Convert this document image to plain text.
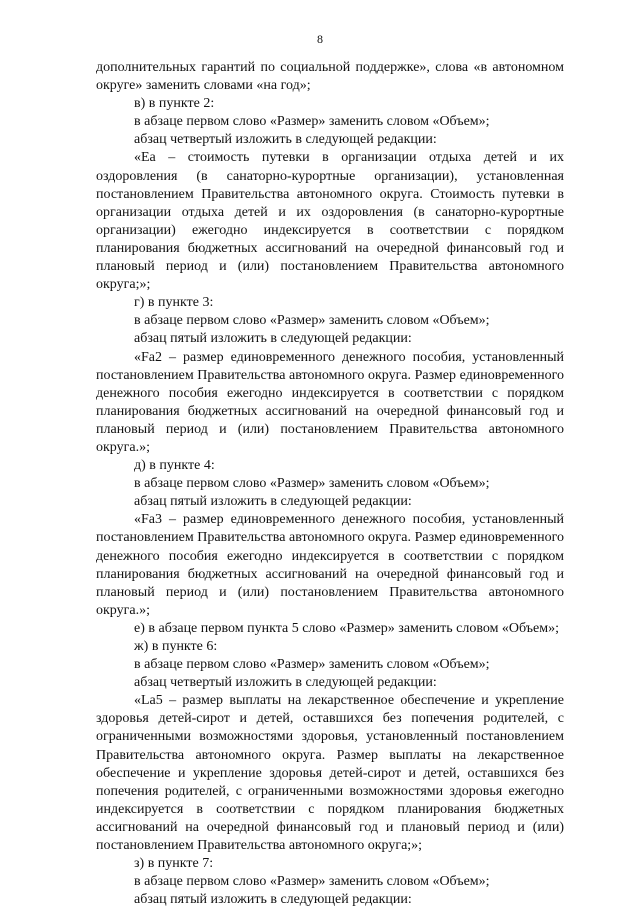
8

дополнительных гарантий по социальной поддержке», слова «в автономном округе» заменить словами «на год»;

в) в пункте 2:

в абзаце первом слово «Размер» заменить словом «Объем»;

абзац четвертый изложить в следующей редакции:

«Еа – стоимость путевки в организации отдыха детей и их оздоровления (в санаторно-курортные организации), установленная постановлением Правительства автономного округа. Стоимость путевки в организации отдыха детей и их оздоровления (в санаторно-курортные организации) ежегодно индексируется в соответствии с порядком планирования бюджетных ассигнований на очередной финансовый год и плановый период и (или) постановлением Правительства автономного округа;»;

г) в пункте 3:

в абзаце первом слово «Размер» заменить словом «Объем»;

абзац пятый изложить в следующей редакции:

«Fa2 – размер единовременного денежного пособия, установленный постановлением Правительства автономного округа. Размер единовременного денежного пособия ежегодно индексируется в соответствии с порядком планирования бюджетных ассигнований на очередной финансовый год и плановый период и (или) постановлением Правительства автономного округа.»;

д) в пункте 4:

в абзаце первом слово «Размер» заменить словом «Объем»;

абзац пятый изложить в следующей редакции:

«Fa3 – размер единовременного денежного пособия, установленный постановлением Правительства автономного округа. Размер единовременного денежного пособия ежегодно индексируется в соответствии с порядком планирования бюджетных ассигнований на очередной финансовый год и плановый период и (или) постановлением Правительства автономного округа.»;

е) в абзаце первом пункта 5 слово «Размер» заменить словом «Объем»;

ж) в пункте 6:

в абзаце первом слово «Размер» заменить словом «Объем»;

абзац четвертый изложить в следующей редакции:

«La5 – размер выплаты на лекарственное обеспечение и укрепление здоровья детей-сирот и детей, оставшихся без попечения родителей, с ограниченными возможностями здоровья, установленный постановлением Правительства автономного округа. Размер выплаты на лекарственное обеспечение и укрепление здоровья детей-сирот и детей, оставшихся без попечения родителей, с ограниченными возможностями здоровья ежегодно индексируется в соответствии с порядком планирования бюджетных ассигнований на очередной финансовый год и плановый период и (или) постановлением Правительства автономного округа;»;

з) в пункте 7:

в абзаце первом слово «Размер» заменить словом «Объем»;

абзац пятый изложить в следующей редакции:
